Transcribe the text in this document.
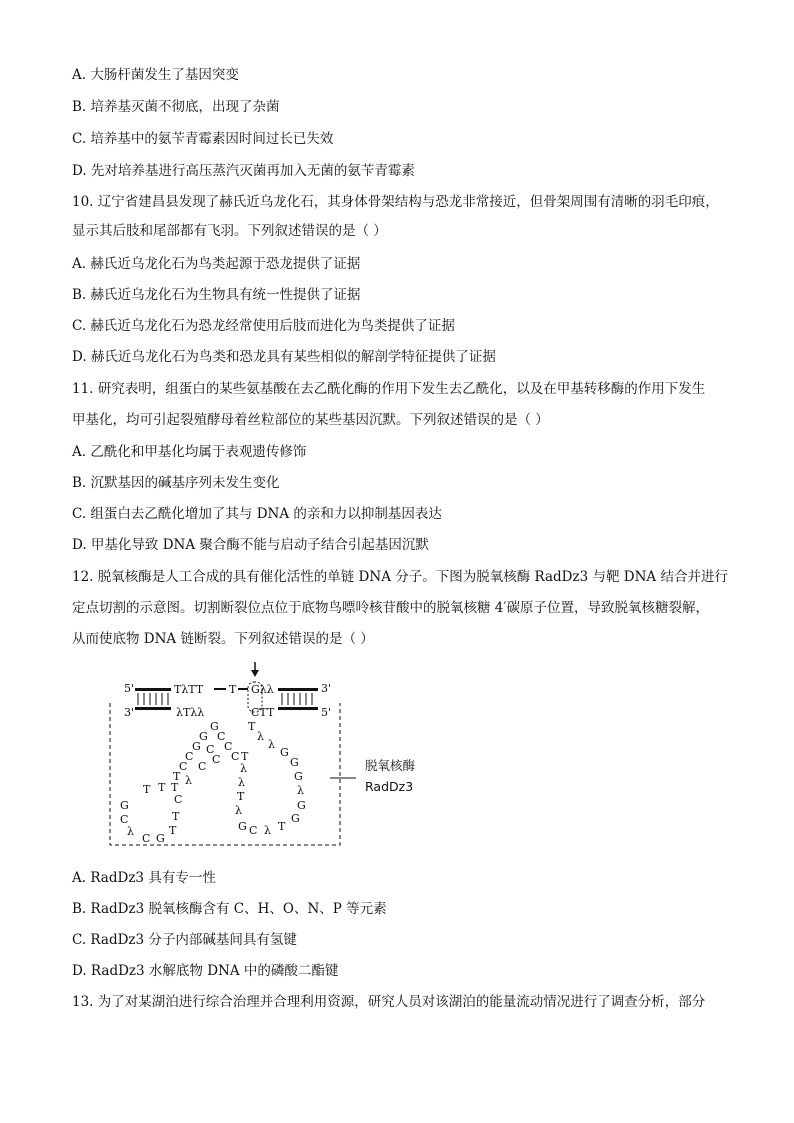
A. 大肠杆菌发生了基因突变
B. 培养基灭菌不彻底，出现了杂菌
C. 培养基中的氨苄青霉素因时间过长已失效
D. 先对培养基进行高压蒸汽灭菌再加入无菌的氨苄青霉素
10. 辽宁省建昌县发现了赫氏近乌龙化石，其身体骨架结构与恐龙非常接近，但骨架周围有清晰的羽毛印痕，
显示其后肢和尾部都有飞羽。下列叙述错误的是（ ）
A. 赫氏近乌龙化石为鸟类起源于恐龙提供了证据
B. 赫氏近乌龙化石为生物具有统一性提供了证据
C. 赫氏近乌龙化石为恐龙经常使用后肢而进化为鸟类提供了证据
D. 赫氏近乌龙化石为鸟类和恐龙具有某些相似的解剖学特征提供了证据
11. 研究表明，组蛋白的某些氨基酸在去乙酰化酶的作用下发生去乙酰化，以及在甲基转移酶的作用下发生
甲基化，均可引起裂殖酵母着丝粒部位的某些基因沉默。下列叙述错误的是（ ）
A. 乙酰化和甲基化均属于表观遗传修饰
B. 沉默基因的碱基序列未发生变化
C. 组蛋白去乙酰化增加了其与 DNA 的亲和力以抑制基因表达
D. 甲基化导致 DNA 聚合酶不能与启动子结合引起基因沉默
12. 脱氧核酶是人工合成的具有催化活性的单链 DNA 分子。下图为脱氧核酶 RadDz3 与靶 DNA 结合并进行
定点切割的示意图。切割断裂位点位于底物鸟嘌呤核苷酸中的脱氧核糖 4′碳原子位置，导致脱氧核糖裂解，
从而使底物 DNA 链断裂。下列叙述错误的是（ ）
5'	TλTT T Gλλ	3'
3'	λTλλ	CTT	5'
G
C
C
C
G
G C
C
C
C C
T λ
T
T
T
C
G
C
λ
C G
T
T
T
λ
λ
G
G
G
λ
G
G
T
λ
C
G
λ
T
λ
λ
T
脱氧核酶
RadDz3
A. RadDz3 具有专一性
B. RadDz3 脱氧核酶含有 C、H、O、N、P 等元素
C. RadDz3 分子内部碱基间具有氢键
D. RadDz3 水解底物 DNA 中的磷酸二酯键
13. 为了对某湖泊进行综合治理并合理利用资源，研究人员对该湖泊的能量流动情况进行了调查分析，部分
